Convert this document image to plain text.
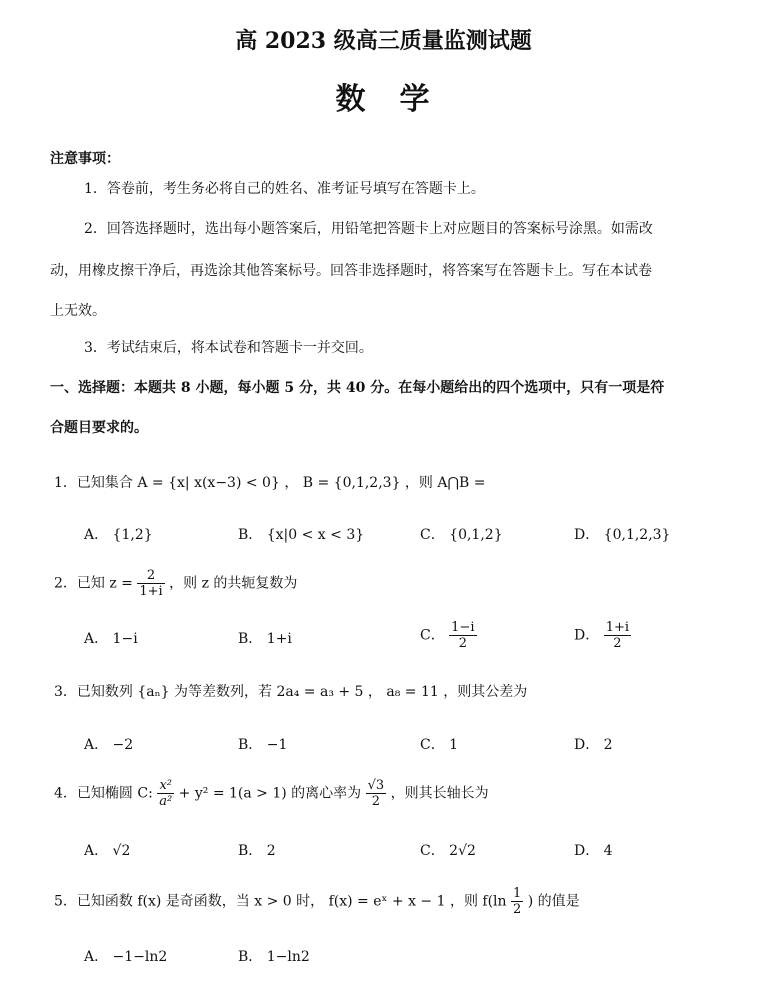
高 2023 级高三质量监测试题
数　学
注意事项：
1．答卷前，考生务必将自己的姓名、准考证号填写在答题卡上。
2．回答选择题时，选出每小题答案后，用铅笔把答题卡上对应题目的答案标号涂黑。如需改
动，用橡皮擦干净后，再选涂其他答案标号。回答非选择题时，将答案写在答题卡上。写在本试卷
上无效。
3．考试结束后，将本试卷和答题卡一并交回。
一、选择题：本题共 8 小题，每小题 5 分，共 40 分。在每小题给出的四个选项中，只有一项是符
合题目要求的。
1．已知集合 A = {x| x(x−3) < 0} ， B = {0,1,2,3} ，则 A⋂B =
A． {1,2}	B． {x|0 < x < 3}	C． {0,1,2}	D． {0,1,2,3}
2．已知 $z = \frac{2}{1+i}$ ，则 z 的共轭复数为
A． 1−i	B． 1+i	C． $\frac{1-i}{2}$	D． $\frac{1+i}{2}$
3．已知数列 {aₙ} 为等差数列，若 2a₄ = a₃ + 5 ， a₈ = 11 ，则其公差为
A． −2	B． −1	C． 1	D． 2
4．已知椭圆 C: $\frac{\text{x²}}{\text{a²}} + y^2 = 1(a > 1)$ 的离心率为 $\frac{√3}{2}$ ，则其长轴长为
A． √2	B． 2	C． 2√2	D． 4
5．已知函数 f(x) 是奇函数，当 x > 0 时， f(x) = eˣ + x − 1 ，则 $f(\ln \frac{1}{2}$ ) 的值是
A． −1−ln2	B． 1−ln2
